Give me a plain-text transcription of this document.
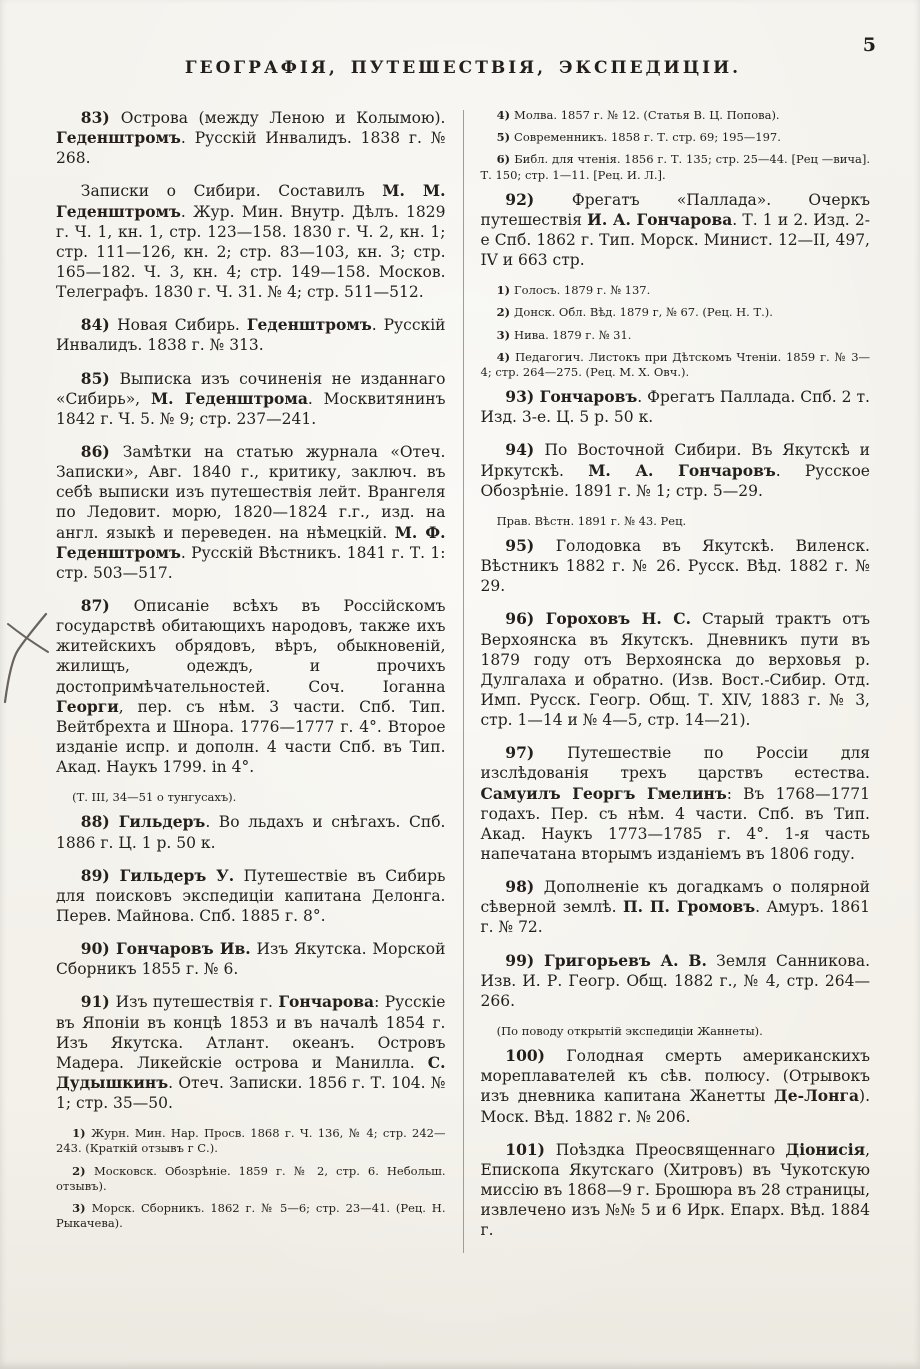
5
ГЕОГРАФІЯ, ПУТЕШЕСТВІЯ, ЭКСПЕДИЦІИ.

83) Острова (между Леною и Колымою). Геденштромъ. Русскій Инвалидъ. 1838 г. № 268.

Записки о Сибири. Составилъ М. М. Геденштромъ. Жур. Мин. Внутр. Дѣлъ. 1829 г. Ч. 1, кн. 1, стр. 123—158. 1830 г. Ч. 2, кн. 1; стр. 111—126, кн. 2; стр. 83—103, кн. 3; стр. 165—182. Ч. 3, кн. 4; стр. 149—158. Москов. Телеграфъ. 1830 г. Ч. 31. № 4; стр. 511—512.

84) Новая Сибирь. Геденштромъ. Русскій Инвалидъ. 1838 г. № 313.

85) Выписка изъ сочиненія не изданнаго «Сибирь», М. Геденштрома. Москвитянинъ 1842 г. Ч. 5. № 9; стр. 237—241.

86) Замѣтки на статью журнала «Отеч. Записки», Авг. 1840 г., критику, заключ. въ себѣ выписки изъ путешествія лейт. Врангеля по Ледовит. морю, 1820—1824 г.г., изд. на англ. языкѣ и переведен. на нѣмецкій. М. Ф. Геденштромъ. Русскій Вѣстникъ. 1841 г. Т. 1: стр. 503—517.

87) Описаніе всѣхъ въ Россійскомъ государствѣ обитающихъ народовъ, также ихъ житейскихъ обрядовъ, вѣръ, обыкновеній, жилищъ, одеждъ, и прочихъ достопримѣчательностей. Соч. Іоганна Георги, пер. съ нѣм. 3 части. Спб. Тип. Вейтбрехта и Шнора. 1776—1777 г. 4°. Второе изданіе испр. и дополн. 4 части Спб. въ Тип. Акад. Наукъ 1799. in 4°.

(Т. III, 34—51 о тунгусахъ).

88) Гильдеръ. Во льдахъ и снѣгахъ. Спб. 1886 г. Ц. 1 р. 50 к.

89) Гильдеръ У. Путешествіе въ Сибирь для поисковъ экспедиціи капитана Делонга. Перев. Майнова. Спб. 1885 г. 8°.

90) Гончаровъ Ив. Изъ Якутска. Морской Сборникъ 1855 г. № 6.

91) Изъ путешествія г. Гончарова: Русскіе въ Японіи въ концѣ 1853 и въ началѣ 1854 г. Изъ Якутска. Атлант. океанъ. Островъ Мадера. Ликейскіе острова и Манилла. С. Дудышкинъ. Отеч. Записки. 1856 г. Т. 104. № 1; стр. 35—50.

1) Журн. Мин. Нар. Просв. 1868 г. Ч. 136, № 4; стр. 242—243. (Краткій отзывъ г С.).

2) Московск. Обозрѣніе. 1859 г. № 2, стр. 6. Небольш. отзывъ).

3) Морск. Сборникъ. 1862 г. № 5—6; стр. 23—41. (Рец. Н. Рыкачева).

4) Молва. 1857 г. № 12. (Статья В. Ц. Попова).

5) Современникъ. 1858 г. Т. стр. 69; 195—197.

6) Библ. для чтенія. 1856 г. Т. 135; стр. 25—44. [Рец —вича]. Т. 150; стр. 1—11. [Рец. И. Л.].

92) Фрегатъ «Паллада». Очеркъ путешествія И. А. Гончарова. Т. 1 и 2. Изд. 2-е Спб. 1862 г. Тип. Морск. Минист. 12—II, 497, IV и 663 стр.

1) Голосъ. 1879 г. № 137.

2) Донск. Обл. Вѣд. 1879 г, № 67. (Рец. Н. Т.).

3) Нива. 1879 г. № 31.

4) Педагогич. Листокъ при Дѣтскомъ Чтеніи. 1859 г. № 3—4; стр. 264—275. (Рец. М. Х. Овч.).

93) Гончаровъ. Фрегатъ Паллада. Спб. 2 т. Изд. 3-е. Ц. 5 р. 50 к.

94) По Восточной Сибири. Въ Якутскѣ и Иркутскѣ. М. А. Гончаровъ. Русское Обозрѣніе. 1891 г. № 1; стр. 5—29.

Прав. Вѣстн. 1891 г. № 43. Рец.

95) Голодовка въ Якутскѣ. Виленск. Вѣстникъ 1882 г. № 26. Русск. Вѣд. 1882 г. № 29.

96) Гороховъ Н. С. Старый трактъ отъ Верхоянска въ Якутскъ. Дневникъ пути въ 1879 году отъ Верхоянска до верховья р. Дулгалаха и обратно. (Изв. Вост.-Сибир. Отд. Имп. Русск. Геогр. Общ. Т. XIV, 1883 г. № 3, стр. 1—14 и № 4—5, стр. 14—21).

97) Путешествіе по Россіи для изслѣдованія трехъ царствъ естества. Самуилъ Георгъ Гмелинъ: Въ 1768—1771 годахъ. Пер. съ нѣм. 4 части. Спб. въ Тип. Акад. Наукъ 1773—1785 г. 4°. 1-я часть напечатана вторымъ изданіемъ въ 1806 году.

98) Дополненіе къ догадкамъ о полярной сѣверной землѣ. П. П. Громовъ. Амуръ. 1861 г. № 72.

99) Григорьевъ А. В. Земля Санникова. Изв. И. Р. Геогр. Общ. 1882 г., № 4, стр. 264—266.

(По поводу открытій экспедиціи Жаннеты).

100) Голодная смерть американскихъ мореплавателей къ сѣв. полюсу. (Отрывокъ изъ дневника капитана Жанетты Де-Лонга). Моск. Вѣд. 1882 г. № 206.

101) Поѣздка Преосвященнаго Діонисія, Епископа Якутскаго (Хитровъ) въ Чукотскую миссію въ 1868—9 г. Брошюра въ 28 страницы, извлечено изъ №№ 5 и 6 Ирк. Епарх. Вѣд. 1884 г.
